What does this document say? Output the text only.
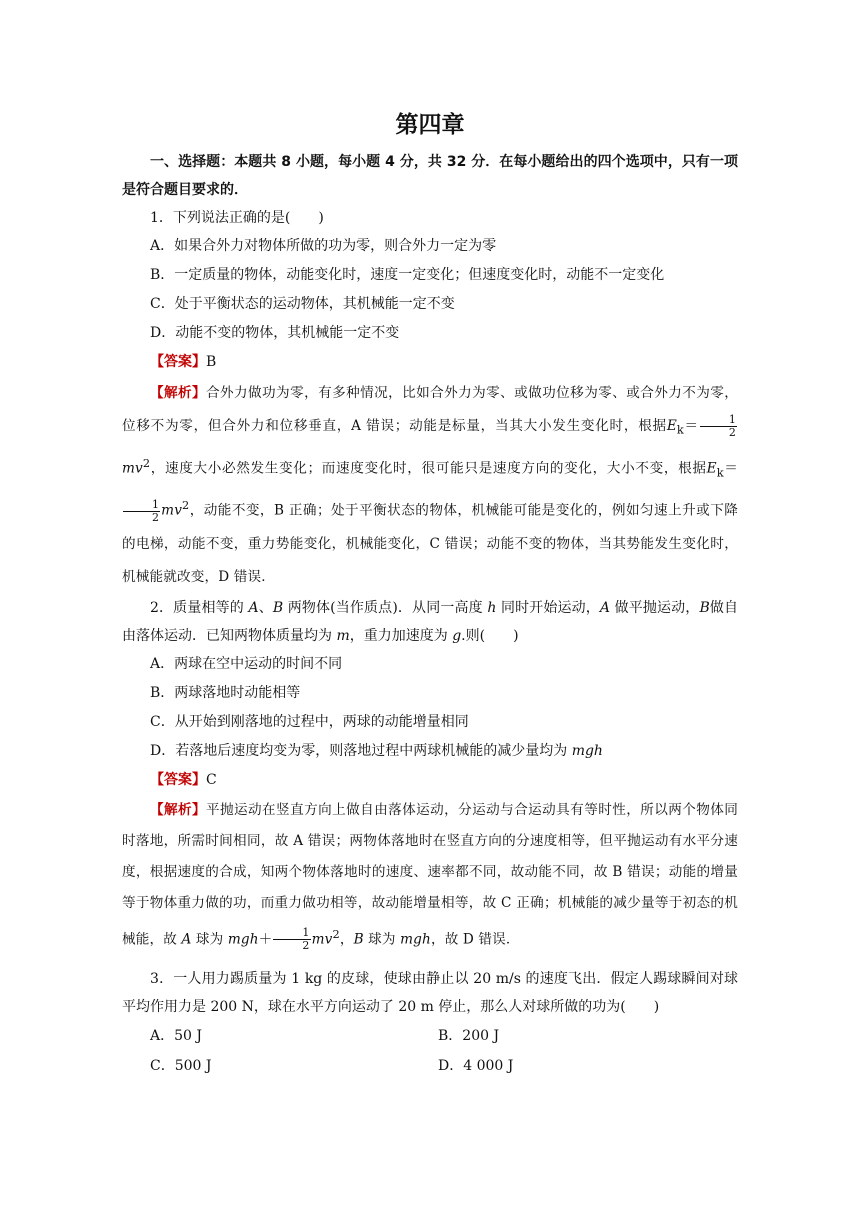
第四章

一、选择题：本题共 8 小题，每小题 4 分，共 32 分．在每小题给出的四个选项中，只有一项是符合题目要求的．

1．下列说法正确的是(　　)

A．如果合外力对物体所做的功为零，则合外力一定为零

B．一定质量的物体，动能变化时，速度一定变化；但速度变化时，动能不一定变化

C．处于平衡状态的运动物体，其机械能一定不变

D．动能不变的物体，其机械能一定不变

【答案】B

【解析】合外力做功为零，有多种情况，比如合外力为零、或做功位移为零、或合外力不为零，位移不为零，但合外力和位移垂直，A 错误；动能是标量，当其大小发生变化时，根据$E_k= \frac{1}{2}$
$mv^2$，速度大小必然发生变化；而速度变化时，很可能只是速度方向的变化，大小不变，根据$E_k=$
$\frac{1}{2} mv^2$，动能不变，B 正确；处于平衡状态的物体，机械能可能是变化的，例如匀速上升或下降的电梯，动能不变，重力势能变化，机械能变化，C 错误；动能不变的物体，当其势能发生变化时，机械能就改变，D 错误．

2．质量相等的 A、B 两物体(当作质点)．从同一高度 h 同时开始运动，A 做平抛运动，B做自由落体运动．已知两物体质量均为 m，重力加速度为 g.则(　　)

A．两球在空中运动的时间不同

B．两球落地时动能相等

C．从开始到刚落地的过程中，两球的动能增量相同

D．若落地后速度均变为零，则落地过程中两球机械能的减少量均为 mgh

【答案】C

【解析】平抛运动在竖直方向上做自由落体运动，分运动与合运动具有等时性，所以两个物体同时落地，所需时间相同，故 A 错误；两物体落地时在竖直方向的分速度相等，但平抛运动有水平分速度，根据速度的合成，知两个物体落地时的速度、速率都不同，故动能不同，故 B 错误；动能的增量等于物体重力做的功，而重力做功相等，故动能增量相等，故 C 正确；机械能的减少量等于初态的机械能，故 A 球为 $mgh+ \frac{1}{2} mv^2$，B 球为 mgh，故 D 错误．

3．一人用力踢质量为 1 kg 的皮球，使球由静止以 20 m/s 的速度飞出．假定人踢球瞬间对球平均作用力是 200 N，球在水平方向运动了 20 m 停止，那么人对球所做的功为(　　)

A．50 J	B．200 J
C．500 J	D．4 000 J
